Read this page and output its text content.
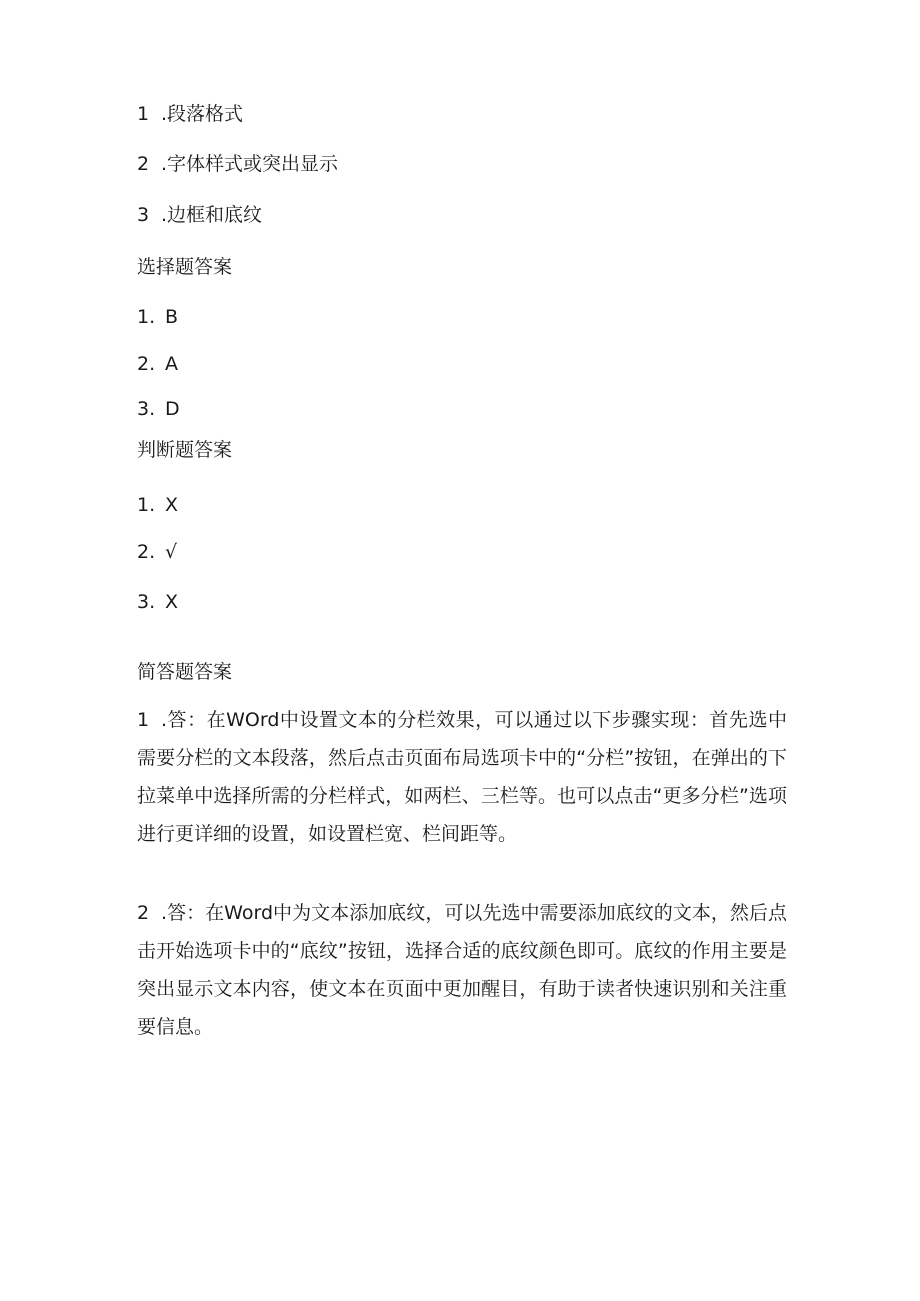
1 .段落格式
2 .字体样式或突出显示
3 .边框和底纹
选择题答案
1. B
2. A
3. D
判断题答案
1. X
2. √
3. X
简答题答案
1 .答：在WOrd中设置文本的分栏效果，可以通过以下步骤实现：首先选中需要分栏的文本段落，然后点击页面布局选项卡中的“分栏”按钮，在弹出的下拉菜单中选择所需的分栏样式，如两栏、三栏等。也可以点击“更多分栏”选项进行更详细的设置，如设置栏宽、栏间距等。
2 .答：在Word中为文本添加底纹，可以先选中需要添加底纹的文本，然后点击开始选项卡中的“底纹”按钮，选择合适的底纹颜色即可。底纹的作用主要是突出显示文本内容，使文本在页面中更加醒目，有助于读者快速识别和关注重要信息。
